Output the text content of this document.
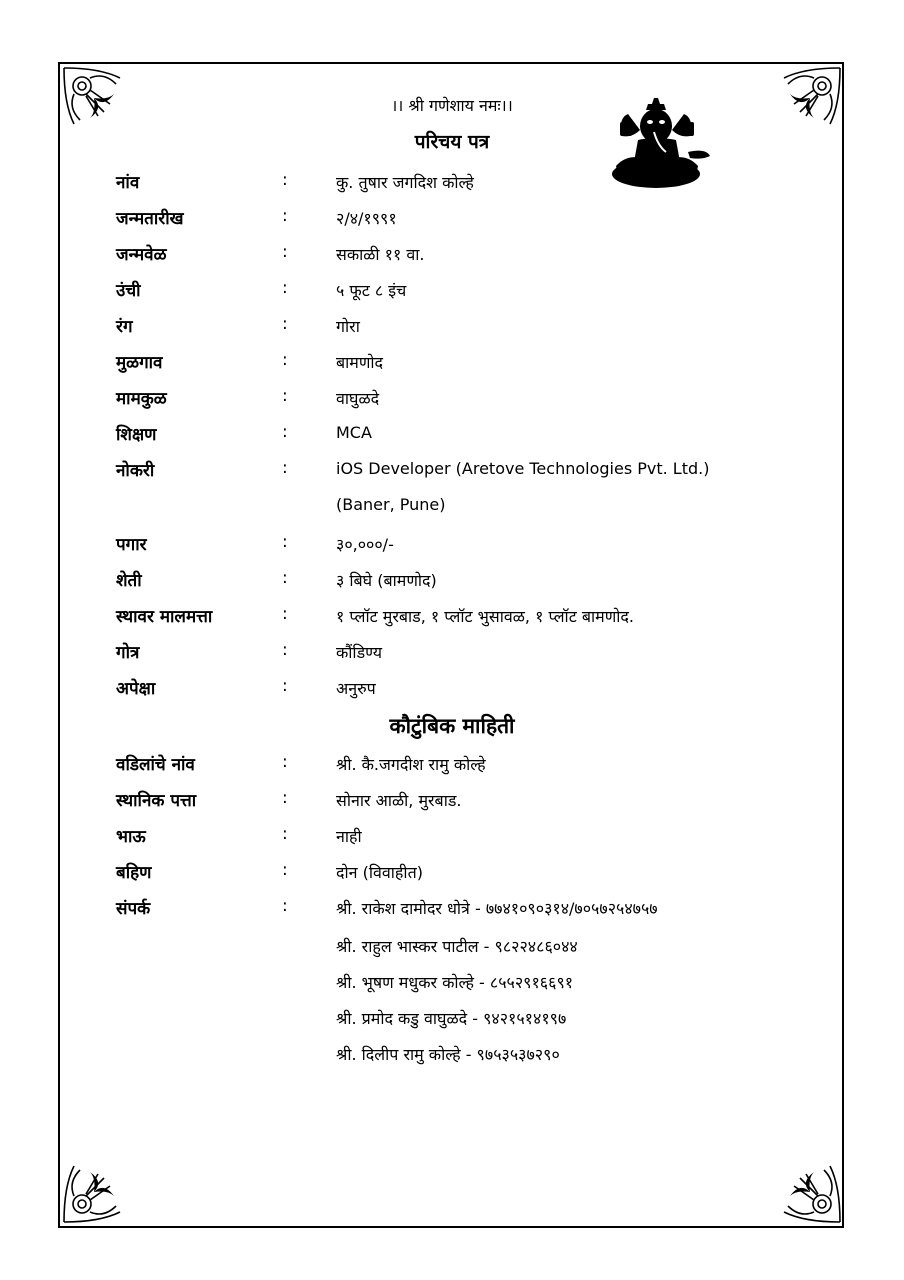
।। श्री गणेशाय नमः।।
परिचय पत्र
नांव	:	कु. तुषार जगदिश कोल्हे
जन्मतारीख	:	२/४/१९९१
जन्मवेळ	:	सकाळी ११ वा.
उंची	:	५ फूट ८ इंच
रंग	:	गोरा
मुळगाव	:	बामणोद
मामकुळ	:	वाघुळदे
शिक्षण	:	MCA
नोकरी	:	iOS Developer (Aretove Technologies Pvt. Ltd.)
(Baner, Pune)
पगार	:	३०,०००/-
शेती	:	३ बिघे (बामणोद)
स्थावर मालमत्ता	:	१ प्लॉट मुरबाड, १ प्लॉट भुसावळ, १ प्लॉट बामणोद.
गोत्र	:	कौंडिण्य
अपेक्षा	:	अनुरुप
कौटुंबिक माहिती
वडिलांचे नांव	:	श्री. कै.जगदीश रामु कोल्हे
स्थानिक पत्ता	:	सोनार आळी, मुरबाड.
भाऊ	:	नाही
बहिण	:	दोन (विवाहीत)
संपर्क	:	श्री. राकेश दामोदर धोत्रे - ७७४१०९०३१४/७०५७२५४७५७
श्री. राहुल भास्कर पाटील - ९८२२४८६०४४
श्री. भूषण मधुकर कोल्हे - ८५५२९१६६९१
श्री. प्रमोद कडु वाघुळदे - ९४२१५१४१९७
श्री. दिलीप रामु कोल्हे - ९७५३५३७२९०
